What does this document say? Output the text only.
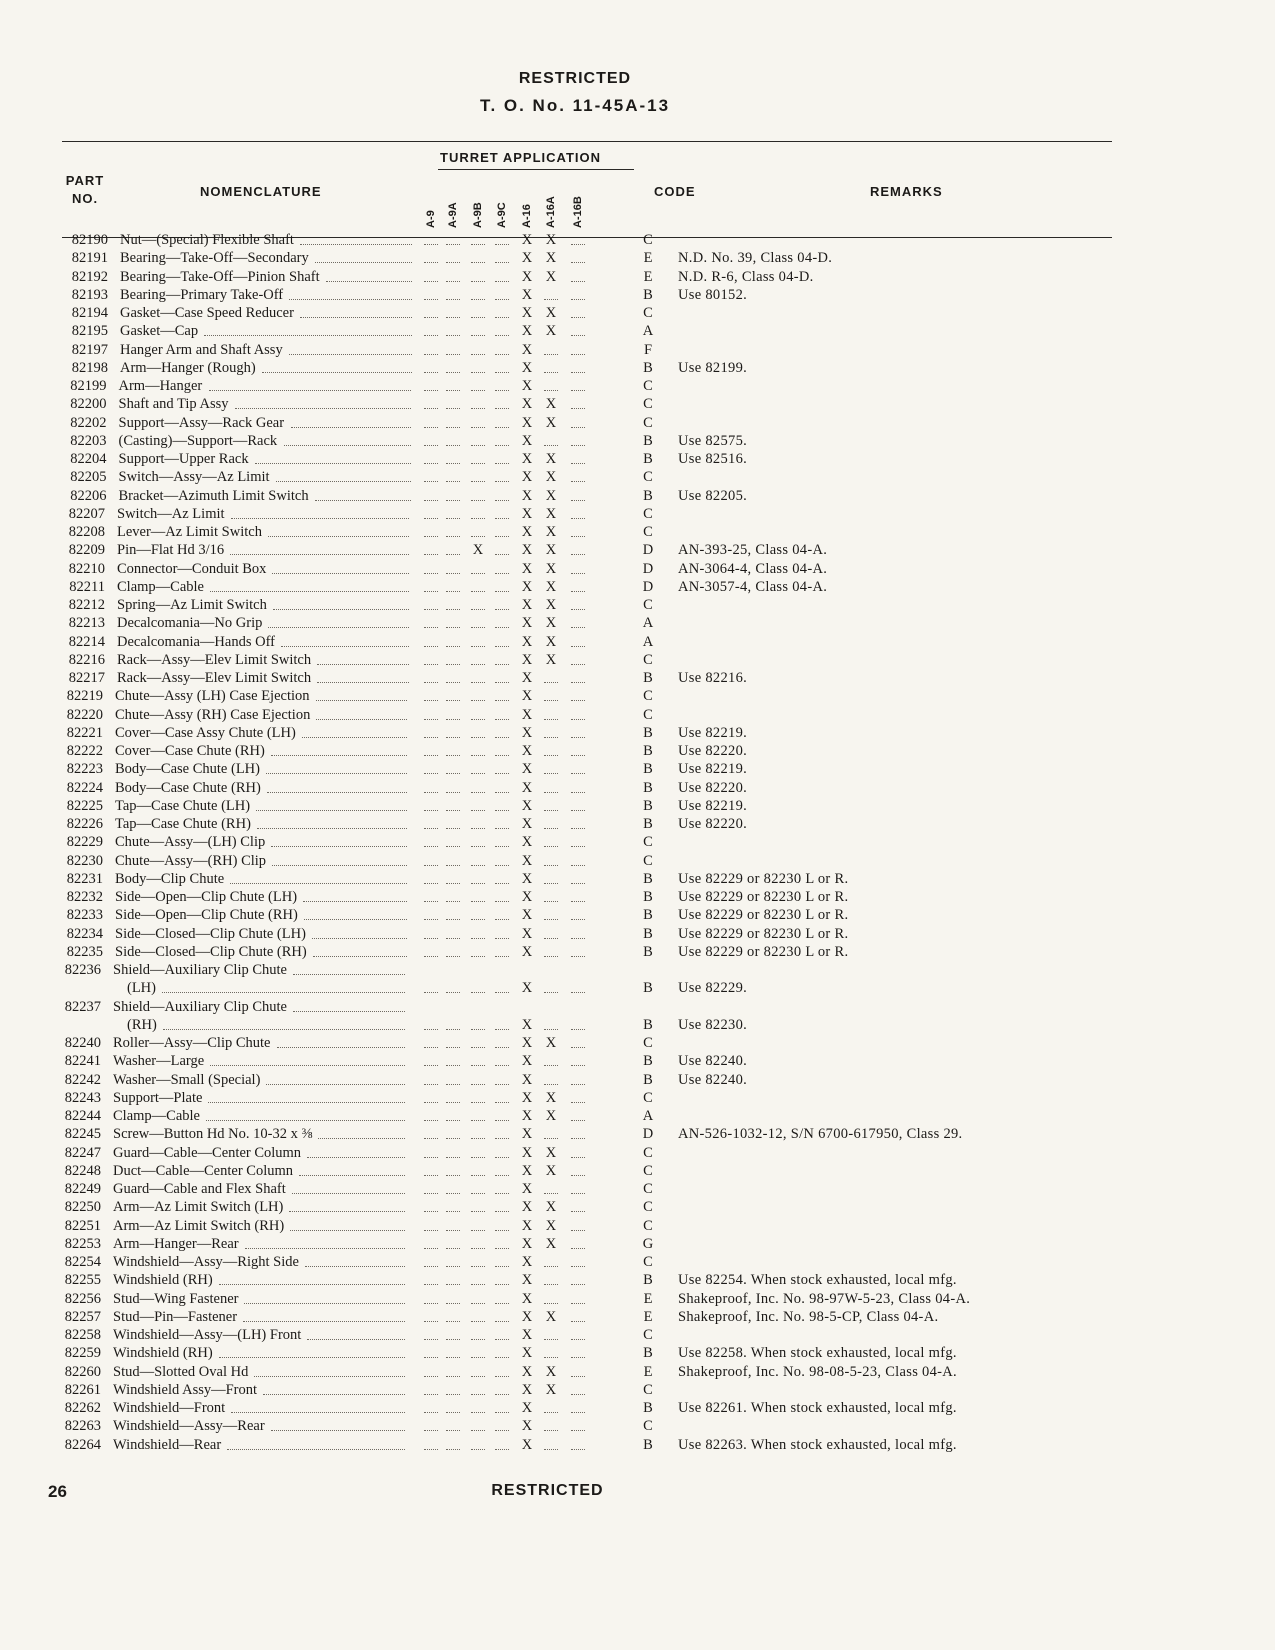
RESTRICTED
T. O. No. 11-45A-13
PART NO.	NOMENCLATURE
TURRET APPLICATION
CODE	REMARKS
A-9 A-9A A-9B A-9C A-16 A-16A A-16B
82190 Nut—(Special) Flexible Shaft	X X	C
82191 Bearing—Take-Off—Secondary	X X	E N.D. No. 39, Class 04-D.
82192 Bearing—Take-Off—Pinion Shaft	X X	E N.D. R-6, Class 04-D.
82193 Bearing—Primary Take-Off	X	B Use 80152.
82194 Gasket—Case Speed Reducer	X X	C
82195 Gasket—Cap	X X	A
82197 Hanger Arm and Shaft Assy	X	F
82198 Arm—Hanger (Rough)	X	B Use 82199.
82199 Arm—Hanger	X	C
82200 Shaft and Tip Assy	X X	C
82202 Support—Assy—Rack Gear	X X	C
82203 (Casting)—Support—Rack	X	B Use 82575.
82204 Support—Upper Rack	X X	B Use 82516.
82205 Switch—Assy—Az Limit	X X	C
82206 Bracket—Azimuth Limit Switch	X X	B Use 82205.
82207 Switch—Az Limit	X X	C
82208 Lever—Az Limit Switch	X X	C
82209 Pin—Flat Hd 3/16	X	X X	D AN-393-25, Class 04-A.
82210 Connector—Conduit Box	X X	D AN-3064-4, Class 04-A.
82211 Clamp—Cable	X X	D AN-3057-4, Class 04-A.
82212 Spring—Az Limit Switch	X X	C
82213 Decalcomania—No Grip	X X	A
82214 Decalcomania—Hands Off	X X	A
82216 Rack—Assy—Elev Limit Switch	X X	C
82217 Rack—Assy—Elev Limit Switch	X	B Use 82216.
82219 Chute—Assy (LH) Case Ejection	X	C
82220 Chute—Assy (RH) Case Ejection	X	C
82221 Cover—Case Assy Chute (LH)	X	B Use 82219.
82222 Cover—Case Chute (RH)	X	B Use 82220.
82223 Body—Case Chute (LH)	X	B Use 82219.
82224 Body—Case Chute (RH)	X	B Use 82220.
82225 Tap—Case Chute (LH)	X	B Use 82219.
82226 Tap—Case Chute (RH)	X	B Use 82220.
82229 Chute—Assy—(LH) Clip	X	C
82230 Chute—Assy—(RH) Clip	X	C
82231 Body—Clip Chute	X	B Use 82229 or 82230 L or R.
82232 Side—Open—Clip Chute (LH)	X	B Use 82229 or 82230 L or R.
82233 Side—Open—Clip Chute (RH)	X	B Use 82229 or 82230 L or R.
82234 Side—Closed—Clip Chute (LH)	X	B Use 82229 or 82230 L or R.
82235 Side—Closed—Clip Chute (RH)	X	B Use 82229 or 82230 L or R.
82236 Shield—Auxiliary Clip Chute
(LH)	X	B Use 82229.
82237 Shield—Auxiliary Clip Chute
(RH)	X	B Use 82230.
82240 Roller—Assy—Clip Chute	X X	C
82241 Washer—Large	X	B Use 82240.
82242 Washer—Small (Special)	X	B Use 82240.
82243 Support—Plate	X X	C
82244 Clamp—Cable	X X	A
82245 Screw—Button Hd No. 10-32 x ⅜	X	D AN-526-1032-12, S/N 6700-617950, Class 29.
82247 Guard—Cable—Center Column	X X	C
82248 Duct—Cable—Center Column	X X	C
82249 Guard—Cable and Flex Shaft	X	C
82250 Arm—Az Limit Switch (LH)	X X	C
82251 Arm—Az Limit Switch (RH)	X X	C
82253 Arm—Hanger—Rear	X X	G
82254 Windshield—Assy—Right Side	X	C
82255 Windshield (RH)	X	B Use 82254. When stock exhausted, local mfg.
82256 Stud—Wing Fastener	X	E Shakeproof, Inc. No. 98-97W-5-23, Class 04-A.
82257 Stud—Pin—Fastener	X X	E Shakeproof, Inc. No. 98-5-CP, Class 04-A.
82258 Windshield—Assy—(LH) Front	X	C
82259 Windshield (RH)	X	B Use 82258. When stock exhausted, local mfg.
82260 Stud—Slotted Oval Hd	X X	E Shakeproof, Inc. No. 98-08-5-23, Class 04-A.
82261 Windshield Assy—Front	X X	C
82262 Windshield—Front	X	B Use 82261. When stock exhausted, local mfg.
82263 Windshield—Assy—Rear	X	C
82264 Windshield—Rear	X	B Use 82263. When stock exhausted, local mfg.
26	RESTRICTED
